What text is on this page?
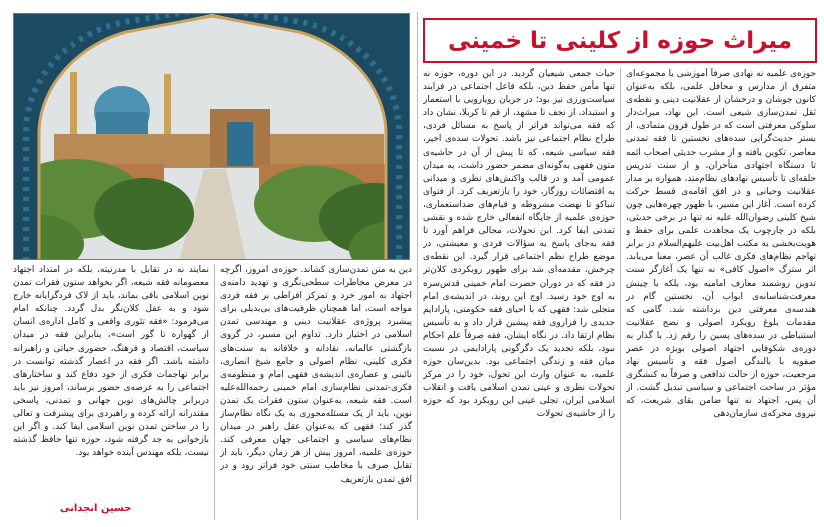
میراث حوزه از کلینی تا خمینی

حوزه‌ی علمیه نه نهادی صرفاً آموزشی یا مجموعه‌ای متفرق از مدارس و محافل علمی، بلکه به‌عنوان کانون جوشان و درخشان از عقلانیت دینی و نقطه‌ی ثقل تمدن‌سازی شیعی است. این نهاد، میراث‌دار سلوکی معرفتی است که در طول قرون متمادی، از بستر حدیث‌گرایی سده‌های نخستین تا فقه تمدنی معاصر، تکوین یافته و از مشرب حدیثی اصحاب ائمه تا دستگاه اجتهادی متأخران، و از سنت تدریس حلقه‌ای تا تأسیس نهادهای نظام‌مند، همواره بر مدار عقلانیت وحیانی و در افق اقامه‌ی قسط حرکت کرده است. آغاز این مسیر، با ظهور چهره‌هایی چون شیخ کلینی رضوان‌الله علیه نه تنها در برخی حدیثی، بلکه در چارچوب یک مجاهدت علمی برای حفظ و هویت‌بخشی به مکتب اهل‌بیت علیهم‌السلام در برابر تهاجم نظام‌های فکری غالب آن عصر، معنا می‌یابد. اثر سترگ «اصول کافی» نه تنها یک آغازگر سنت تدوین روشمند معارف امامیه بود، بلکه با چینش معرفت‌شناسانه‌ی ابواب آن، نخستین گام در هندسه‌ی معرفتی دین برداشته شد. گامی که مقدمات بلوغ رویکرد اصولی و نضج عقلانیت استنباطی در سده‌های پسین را رقم زد. با گذار به دوره‌ی شکوفایی اجتهاد اصولی بویژه در عصر صفویه با بالندگی اصول فقه و تأسیس نهاد مرجعیت، حوزه از حالت تدافعی و صرفاً به کنشگری مؤثر در ساحت اجتماعی و سیاسی تبدیل گشت. از آن پس، اجتهاد نه تنها ضامن بقای شریعت، که نیروی محرکه‌ی سازمان‌دهی

حیات جمعی شیعیان گردید. در این دوره، حوزه نه تنها مأمن حفظ دین، بلکه فاعل اجتماعی در فرایند سیاست‌ورزی نیز بود؛ در جریان رویارویی با استعمار و استبداد، از نجف تا مشهد، از قم تا کربلا، نشان داد که فقه می‌تواند فراتر از پاسخ به مسائل فردی، طراح نظام اجتماعی نیز باشد. تحولات سده‌ی اخیر، فقه سیاسی شیعه، که تا پیش از آن در حاشیه‌ی متون فقهی به‌گونه‌ای مضمر حضور داشت، به میدان عمومی آمد و در قالب واکنش‌های نظری و میدانی به اقتضائات روزگار، خود را بازتعریف کرد. از فتوای تنباکو تا نهضت مشروطه و قیام‌های ضداستعماری، حوزه‌ی علمیه از جایگاه انفعالی خارج شده و نقشی تمدنی ایفا کرد. این تحولات، مجالی فراهم آورد تا فقه به‌جای پاسخ به سؤالات فردی و معیشتی، در موضع طراح نظم اجتماعی قرار گیرد. این نقطه‌ی چرخش، مقدمه‌ای شد برای ظهور رویکردی کلان‌تر در فقه که در دوران حضرت امام خمینی قدس‌سره به اوج خود رسید. اوج این روند، در اندیشه‌ی امام متجلی شد: فقهی که با احیای فقه حکومتی، پارادایم جدیدی را فراروی فقه پیشین قرار داد و به تأسیس نظام ارتقا داد. در نگاه ایشان، فقه صرفاً علم احکام نبود، بلکه تجدید یک دگرگونی پارادایمی در نسبت میان فقه و زندگی اجتماعی بود. بدین‌سان حوزه علمیه، به عنوان وارث این تحول، خود را در مرکز تحولات نظری و عینی تمدن اسلامی یافت و انقلاب اسلامی ایران، تجلی عینی این رویکرد بود که حوزه را از حاشیه‌ی تحولات

دین به متن تمدن‌سازی کشاند. حوزه‌ی امروز، اگرچه در معرض مخاطرات سطحی‌نگری و تهدید دامنه‌ی اجتهاد به امور خرد و تمرکز افراطی بر فقه فردی مواجه است، اما همچنان ظرفیت‌های بی‌بدیلی برای پیشبرد پروژه‌ی عقلانیت دینی و مهندسی تمدن اسلامی در اختیار دارد. تداوم این مسیر، در گروی بازگشتی عالمانه، نقادانه و خلاقانه به سنت‌های فکری کلینی، نظام اصولی و جامع شیخ انصاری، نائینی و عصاره‌ی اندیشه‌ی فقهی امام و منظومه‌ی فکری-تمدنی نظام‌سازی امام خمینی رحمه‌الله‌علیه است. فقه شیعه، به‌عنوان ستون فقرات یک تمدن نوین، باید از یک مسئله‌محوری به یک نگاه نظام‌ساز گذر کند؛ فقهی که به‌عنوان عقل راهبر در میدان نظام‌های سیاسی و اجتماعی جهان معرفی کند. حوزه‌ی علمیه، امروز بیش از هر زمان دیگر، باید از تقابل صرف با مخاطب سنتی خود فراتر رود و در افق تمدن بازتعریف

نمایند نه در تقابل با مدرنیته، بلکه در امتداد اجتهاد معصومانه فقه شیعه، اگر بخواهد ستون فقرات تمدن نوین اسلامی باقی بماند، باید از لاک فردگرایانه خارج شود و به عقل کلان‌نگر بدل گردد. چنانکه امام می‌فرمود: «فقه تئوری واقعی و کامل اداره‌ی انسان از گهواره تا گور است»، بنابراین فقه در میدان سیاست، اقتصاد و فرهنگ، حضوری حیاتی و راهبرانه داشته باشد. اگر فقه در اعصار گذشته توانست در برابر تهاجمات فکری از خود دفاع کند و ساختارهای اجتماعی را به عرصه‌ی حضور برساند، امروز نیز باید دربرابر چالش‌های نوین جهانی و تمدنی، پاسخی مقتدرانه ارائه کرده و راهبردی برای پیشرفت و تعالی را در ساختن تمدن نوین اسلامی ایفا کند. و اگر این بازخوانی به جد گرفته شود، حوزه تنها حافظ گذشته نیست، بلکه مهندس آینده خواهد بود.

حسین انجدانی
